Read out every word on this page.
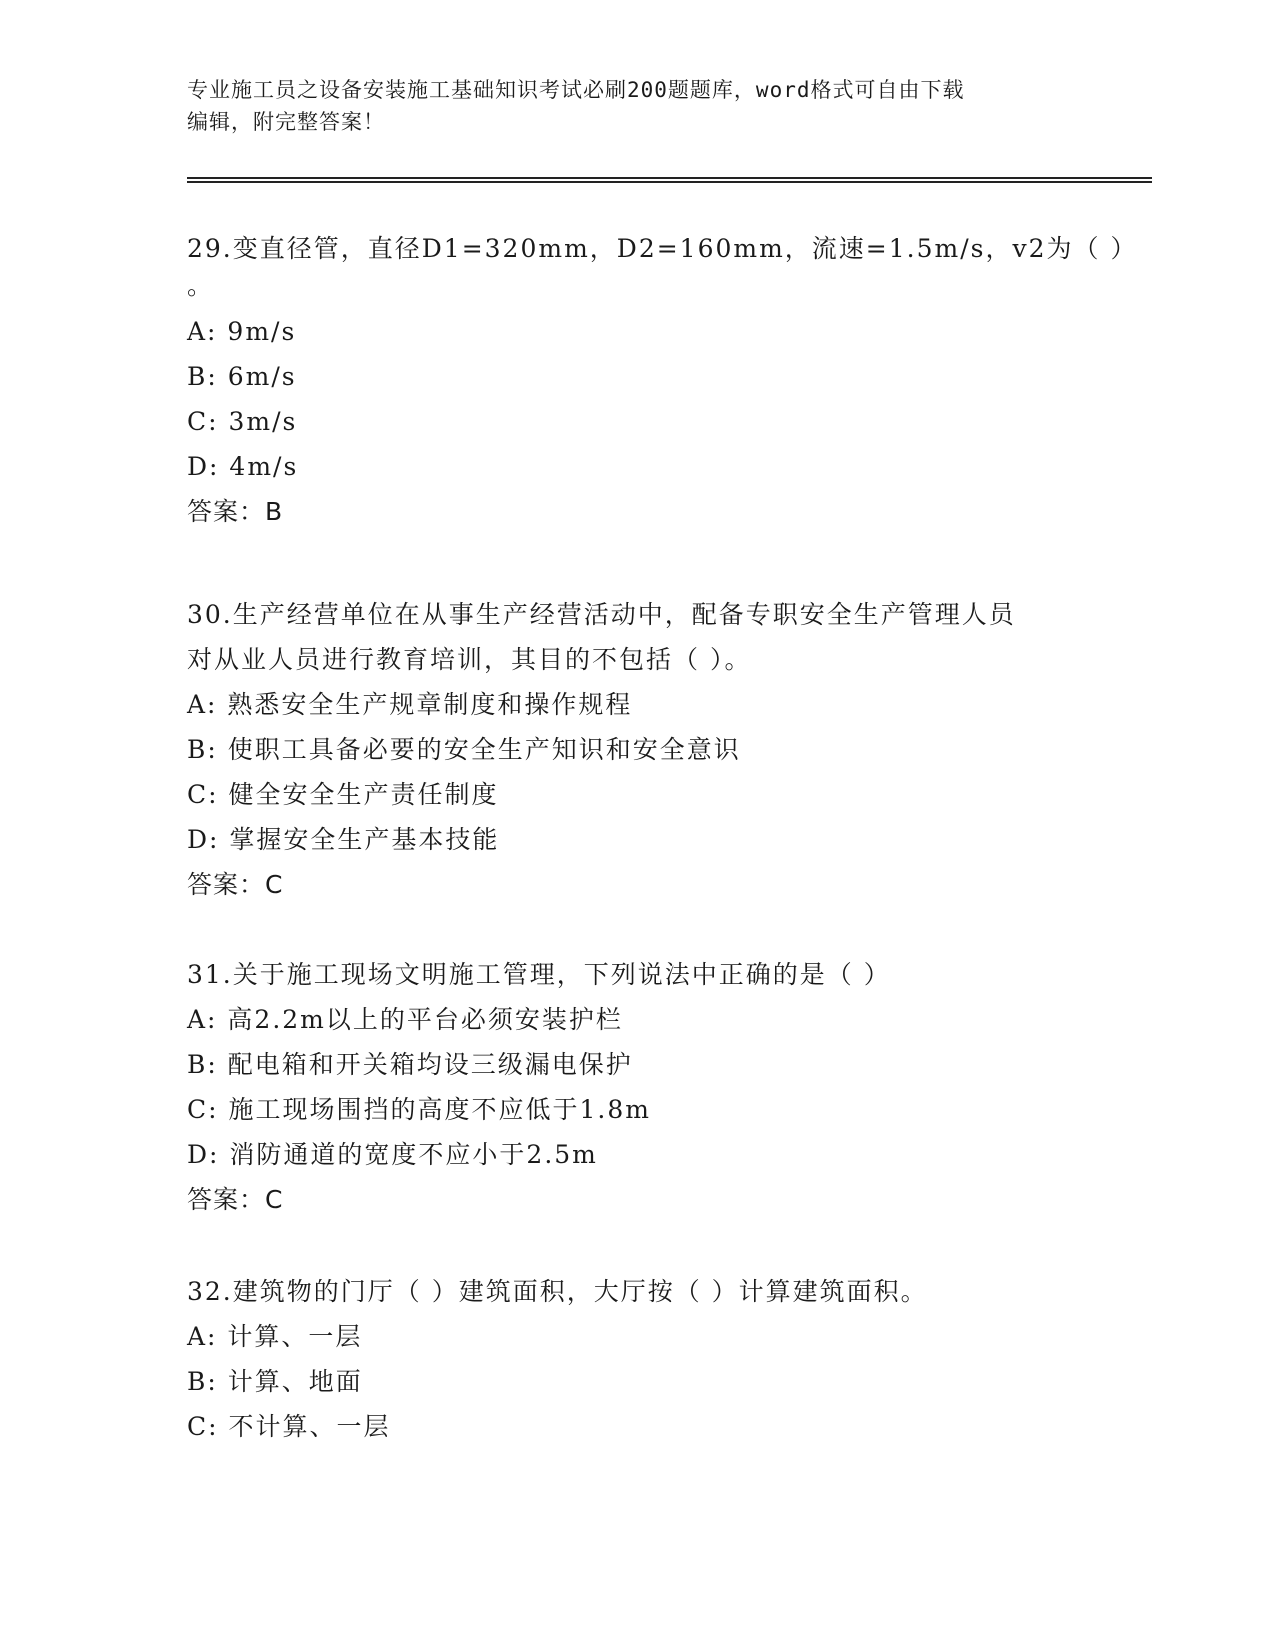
专业施工员之设备安装施工基础知识考试必刷200题题库，word格式可自由下载
编辑，附完整答案！
29.变直径管，直径D1=320mm，D2=160mm，流速=1.5m/s，v2为（ ）
。
A: 9m/s
B: 6m/s
C: 3m/s
D: 4m/s
答案：B
30.生产经营单位在从事生产经营活动中，配备专职安全生产管理人员
对从业人员进行教育培训，其目的不包括（ ）。
A: 熟悉安全生产规章制度和操作规程
B: 使职工具备必要的安全生产知识和安全意识
C: 健全安全生产责任制度
D: 掌握安全生产基本技能
答案：C
31.关于施工现场文明施工管理，下列说法中正确的是（ ）
A: 高2.2m以上的平台必须安装护栏
B: 配电箱和开关箱均设三级漏电保护
C: 施工现场围挡的高度不应低于1.8m
D: 消防通道的宽度不应小于2.5m
答案：C
32.建筑物的门厅（ ）建筑面积，大厅按（ ）计算建筑面积。
A: 计算、一层
B: 计算、地面
C: 不计算、一层
